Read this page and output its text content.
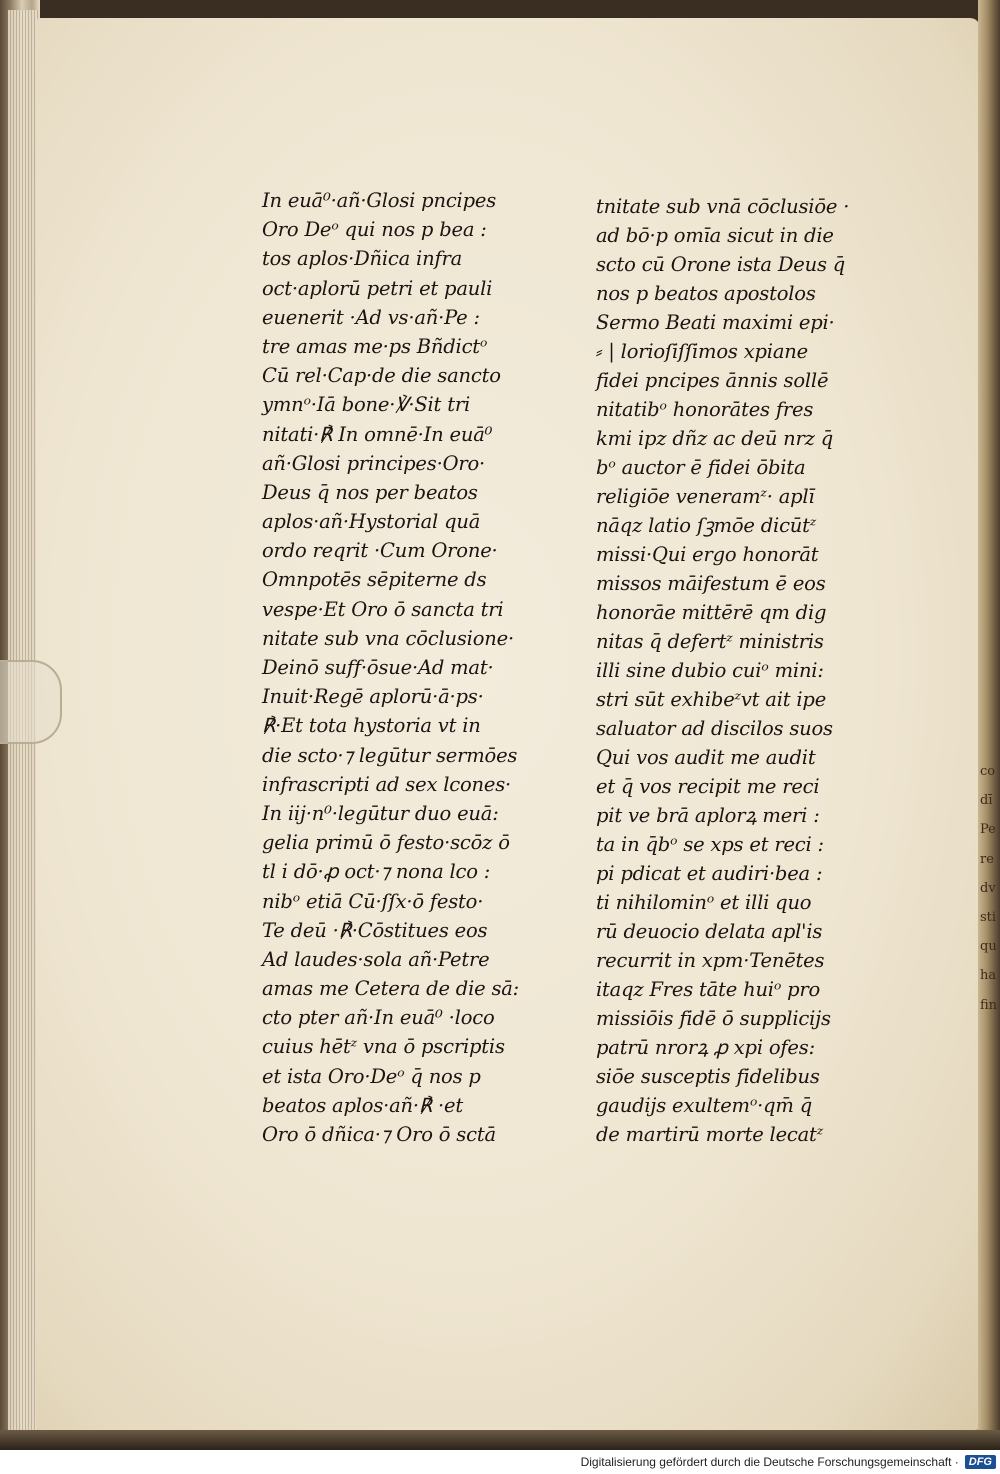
co
dī
Pe
re
dv
sti
qu
ha
fin
In euā⁰·añ·Glosi pncipes
Oro Deᵒ qui nos p bea :
tos aplos·Dñica infra
oct·aplorū petri et pauli
euenerit ·Ad vs·añ·Pe :
tre amas me·ps Bñdictᵒ
Cū rel·Cap·de die sancto
ymnᵒ·Iā bone·℣·Sit tri
nitati·℟ In omnē·In euā⁰
añ·Glosi principes·Oro·
Deus q̄ nos per beatos
aplos·añ·Hystorial quā
ordo reqrit ·Cum Orone·
Omnpotēs sēpiterne ds
vespe·Et Oro ō sancta tri
nitate sub vna cōclusione·
Deinō suff·ōsue·Ad mat·
Inuit·Regē aplorū·ā·ps·
℟·Et tota hystoria vt in
die scto·⁊ legūtur sermōes
infrascripti ad sex lcones·
In iij·n⁰·legūtur duo euā:
gelia primū ō festo·scōz ō
tl i dō·ꝓ oct·⁊ nona lco :
nibᵒ etiā Cū·ſſx·ō festo·
Te deū ·℟·Cōstitues eos
Ad laudes·sola añ·Petre
amas me Cetera de die sā:
cto pter añ·In euā⁰ ·loco
cuius hētᶻ vna ō pscriptis
et ista Oro·Deᵒ q̄ nos p
beatos aplos·añ·℟ ·et
Oro ō dñica·⁊ Oro ō sctā
tnitate sub vnā cōclusiōe ·
ad bō·p omīa sicut in die
scto cū Orone ista Deus q̄
nos p beatos apostolos
Sermo Beati maximi epi·
⸗ | lorioſiſſimos xpiane
fidei pncipes ānnis sollē
nitatibᵒ honorātes fres
kmi ipz dñz ac deū nrz q̄
bᵒ auctor ē fidei ōbita
religiōe veneramᶻ· aplī
nāqz latio ſꝫmōe dicūtᶻ
missi·Qui ergo honorāt
missos māifestum ē eos
honorāe mittērē qm dig
nitas q̄ defertᶻ ministris
illi sine dubio cuiᵒ mini:
stri sūt exhibeᶻvt ait ipe
saluator ad discilos suos
Qui vos audit me audit
et q̄ vos recipit me reci
pit ve brā aplorꝝ meri :
ta in q̄bᵒ se xps et reci :
pi pdicat et audiri·bea :
ti nihilominᵒ et illi quo
rū deuocio delata apl'is
recurrit in xpm·Tenētes
itaqz Fres tāte huiᵒ pro
missiōis fidē ō supplicijs
patrū nrorꝝ ꝓ xpi ofes:
siōe susceptis fidelibus
gaudijs exultemᵒ·qm̄ q̄
de martirū morte lecatᶻ
Digitalisierung gefördert durch die Deutsche Forschungsgemeinschaft · DFG
